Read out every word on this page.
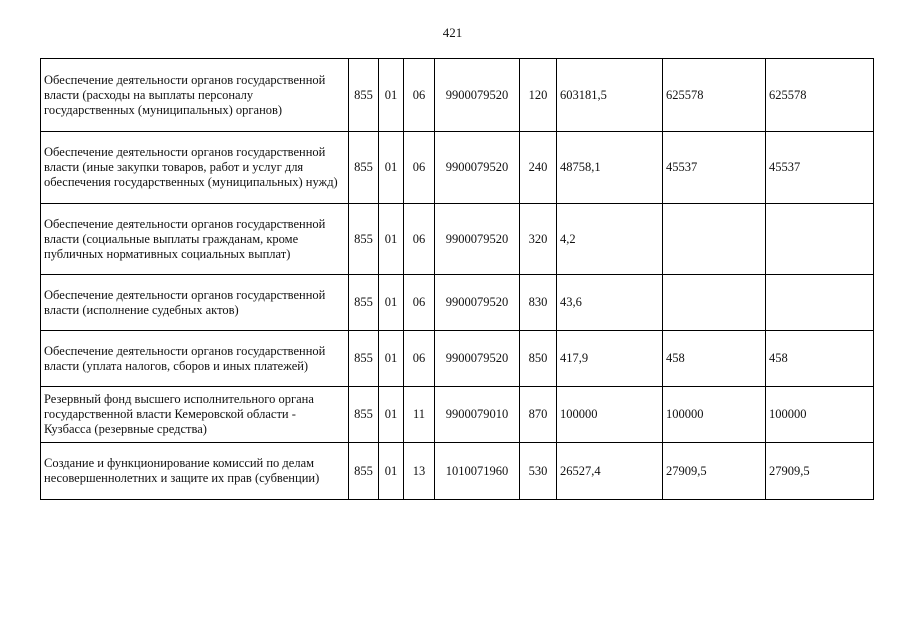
421
Обеспечение деятельности органов государственной власти (расходы на выплаты персоналу государственных (муниципальных) органов)	855	01	06	9900079520	120	603181,5	625578	625578
Обеспечение деятельности органов государственной власти (иные закупки товаров, работ и услуг для обеспечения государственных (муниципальных) нужд)	855	01	06	9900079520	240	48758,1	45537	45537
Обеспечение деятельности органов государственной власти (социальные выплаты гражданам, кроме публичных нормативных социальных выплат)	855	01	06	9900079520	320	4,2		
Обеспечение деятельности органов государственной власти (исполнение судебных актов)	855	01	06	9900079520	830	43,6		
Обеспечение деятельности органов государственной власти (уплата налогов, сборов и иных платежей)	855	01	06	9900079520	850	417,9	458	458
Резервный фонд высшего исполнительного органа государственной власти Кемеровской области - Кузбасса (резервные средства)	855	01	11	9900079010	870	100000	100000	100000
Создание и функционирование комиссий по делам несовершеннолетних и защите их прав (субвенции)	855	01	13	1010071960	530	26527,4	27909,5	27909,5
